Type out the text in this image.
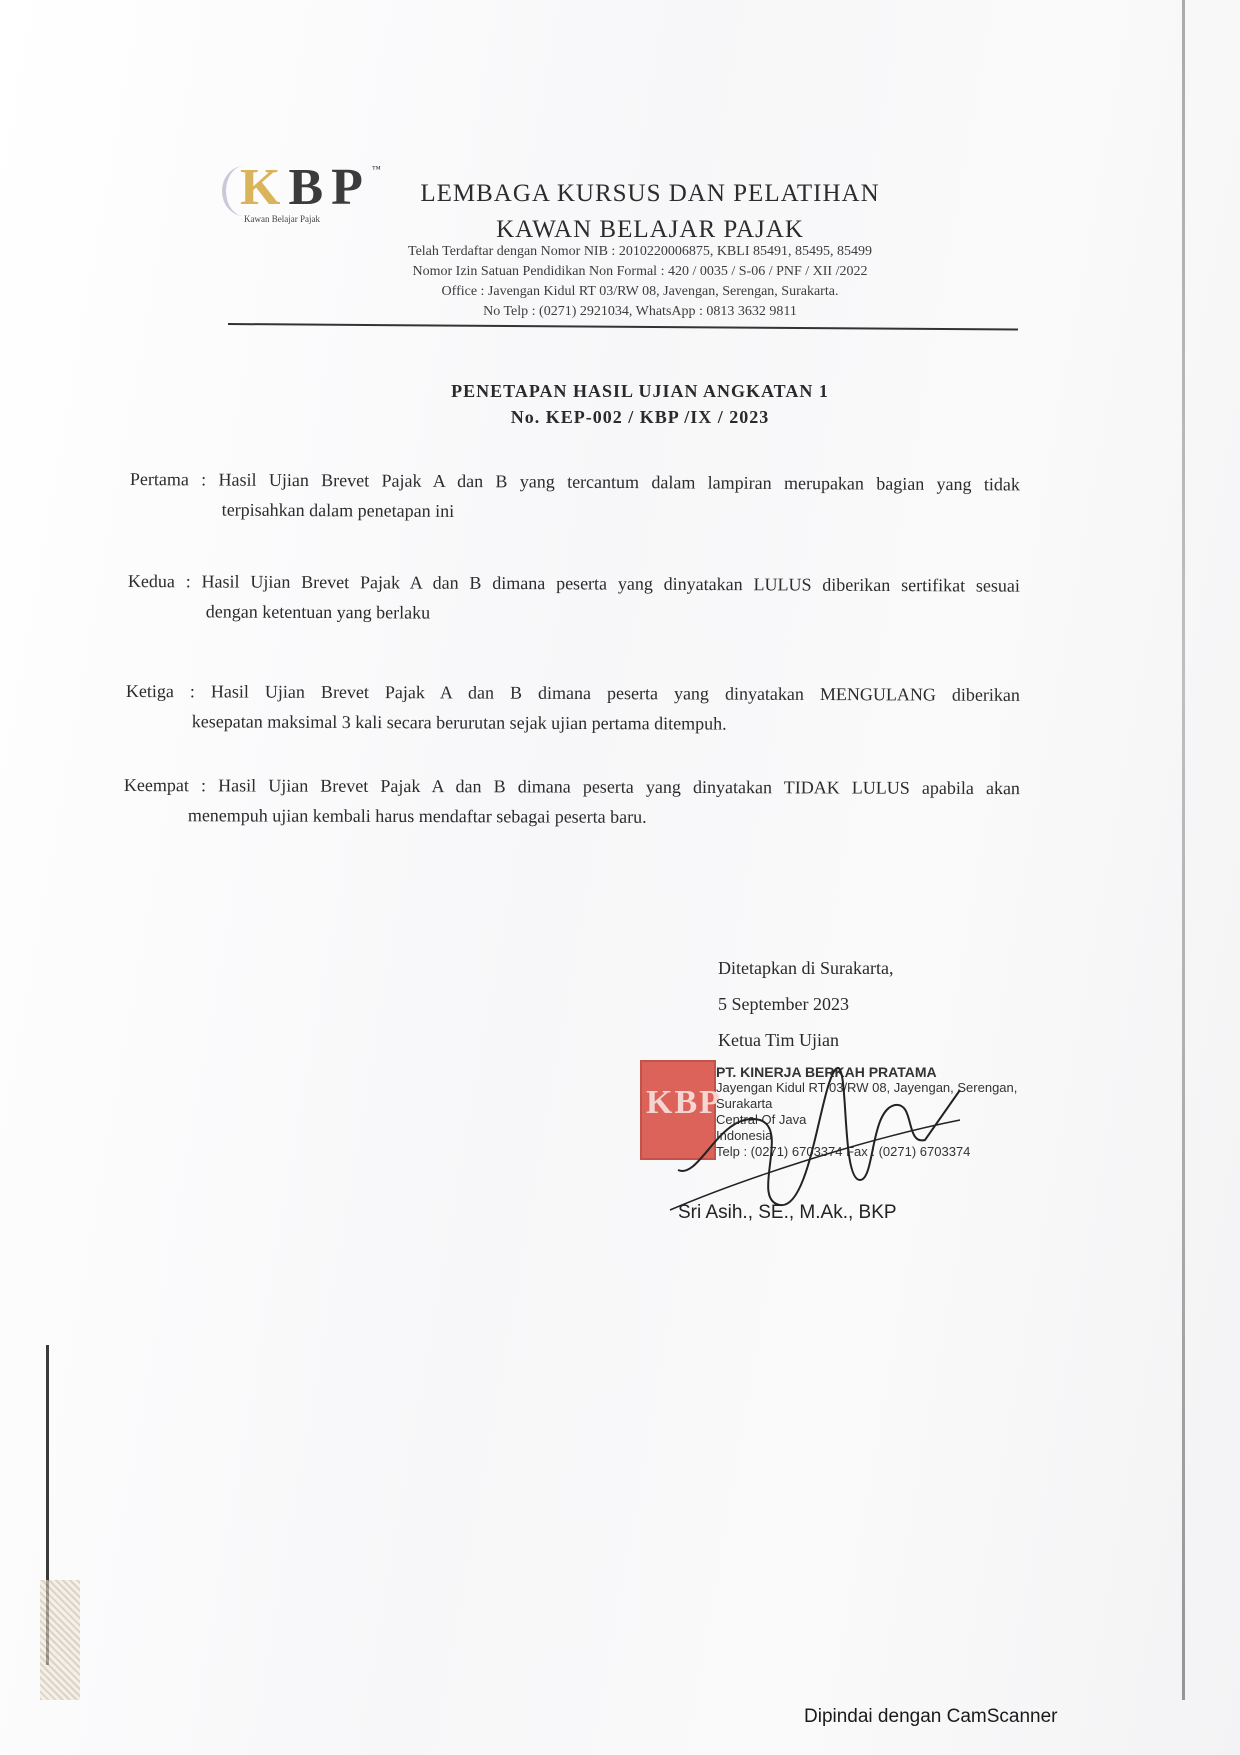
KBP ™
Kawan Belajar Pajak
LEMBAGA KURSUS DAN PELATIHAN
KAWAN BELAJAR PAJAK
Telah Terdaftar dengan Nomor NIB : 2010220006875, KBLI 85491, 85495, 85499
Nomor Izin Satuan Pendidikan Non Formal : 420 / 0035 / S-06 / PNF / XII /2022
Office : Javengan Kidul RT 03/RW 08, Javengan, Serengan, Surakarta.
No Telp : (0271) 2921034, WhatsApp : 0813 3632 9811
PENETAPAN HASIL UJIAN ANGKATAN 1
No. KEP-002 / KBP /IX / 2023
Pertama : Hasil Ujian Brevet Pajak A dan B yang tercantum dalam lampiran merupakan bagian yang tidak
terpisahkan dalam penetapan ini
Kedua : Hasil Ujian Brevet Pajak A dan B dimana peserta yang dinyatakan LULUS diberikan sertifikat sesuai
dengan ketentuan yang berlaku
Ketiga : Hasil Ujian Brevet Pajak A dan B dimana peserta yang dinyatakan MENGULANG diberikan
kesepatan maksimal 3 kali secara berurutan sejak ujian pertama ditempuh.
Keempat : Hasil Ujian Brevet Pajak A dan B dimana peserta yang dinyatakan TIDAK LULUS apabila akan
menempuh ujian kembali harus mendaftar sebagai peserta baru.
Ditetapkan di Surakarta,
5 September 2023
Ketua Tim Ujian
KBP
PT. KINERJA BERKAH PRATAMA
Jayengan Kidul RT 03/RW 08, Jayengan, Serengan,
Surakarta
Central Of Java
Indonesia
Telp : (0271) 6703374 Fax : (0271) 6703374
Sri Asih., SE., M.Ak., BKP
Dipindai dengan CamScanner
